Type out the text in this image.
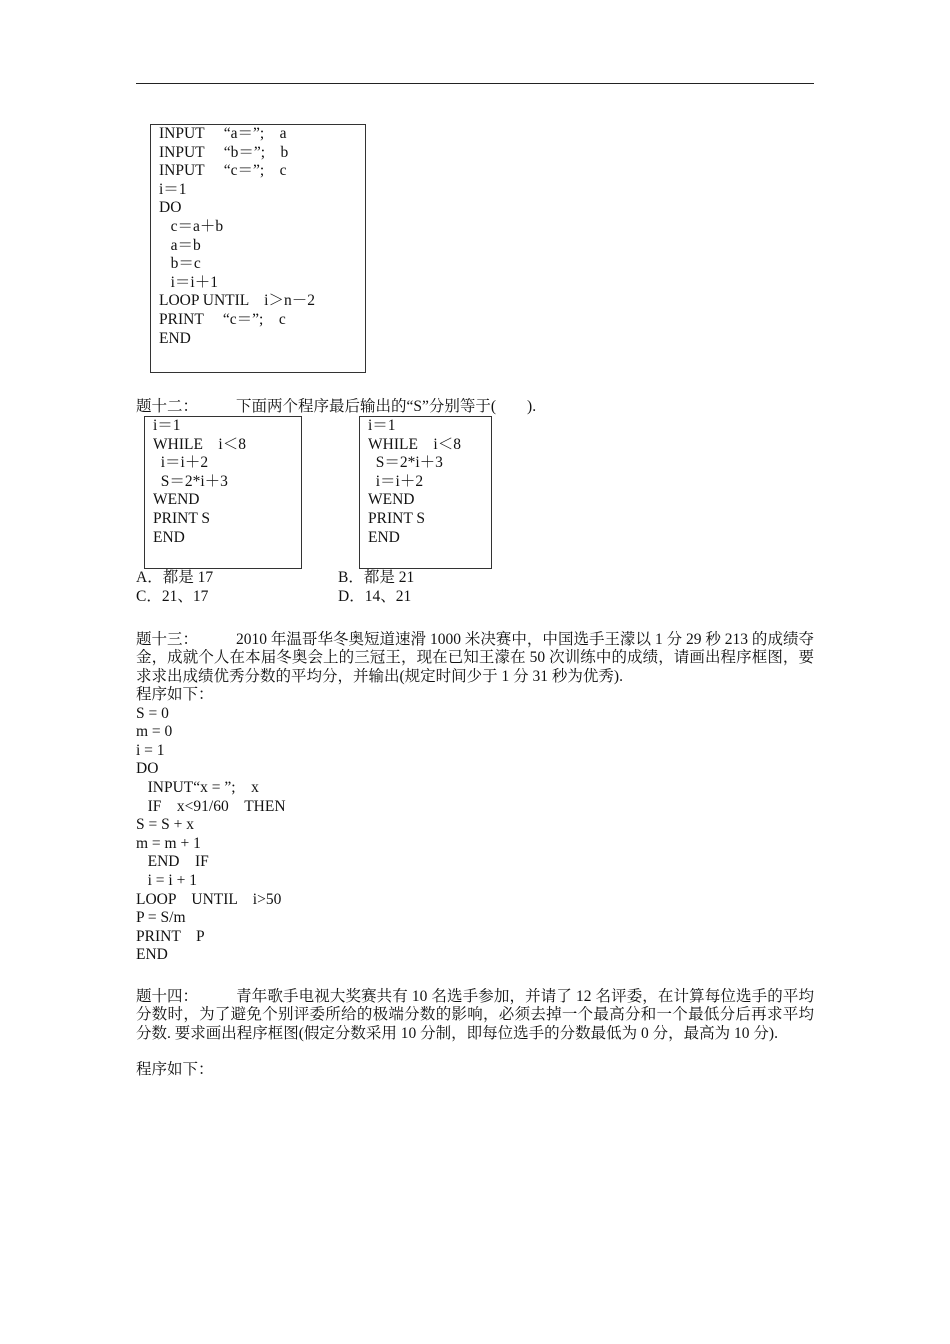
INPUT　 “a＝”;　a
INPUT　 “b＝”;　b
INPUT　 “c＝”;　c
i＝1
DO
c＝a＋b
a＝b
b＝c
i＝i＋1
LOOP UNTIL　i＞n－2
PRINT　 “c＝”;　c
END
题十二： 下面两个程序最后输出的“S”分别等于(　　).
i＝1
WHILE　i＜8
i＝i＋2
S＝2*i＋3
WEND
PRINT S
END
i＝1
WHILE　i＜8
S＝2*i＋3
i＝i＋2
WEND
PRINT S
END
A．都是 17	B．都是 21
C．21、17	D．14、21
题十三： 2010 年温哥华冬奥短道速滑 1000 米决赛中，中国选手王濛以 1 分 29 秒 213 的成绩夺金，成就个人在本届冬奥会上的三冠王，现在已知王濛在 50 次训练中的成绩，请画出程序框图，要求求出成绩优秀分数的平均分，并输出(规定时间少于 1 分 31 秒为优秀).
程序如下：
S = 0
m = 0
i = 1
DO
INPUT“x = ”;　x
IF　x<91/60　THEN
S = S + x
m = m + 1
END　IF
i = i + 1
LOOP　UNTIL　i>50
P = S/m
PRINT　P
END
题十四： 青年歌手电视大奖赛共有 10 名选手参加，并请了 12 名评委，在计算每位选手的平均分数时，为了避免个别评委所给的极端分数的影响，必须去掉一个最高分和一个最低分后再求平均分数. 要求画出程序框图(假定分数采用 10 分制，即每位选手的分数最低为 0 分，最高为 10 分).
程序如下：
